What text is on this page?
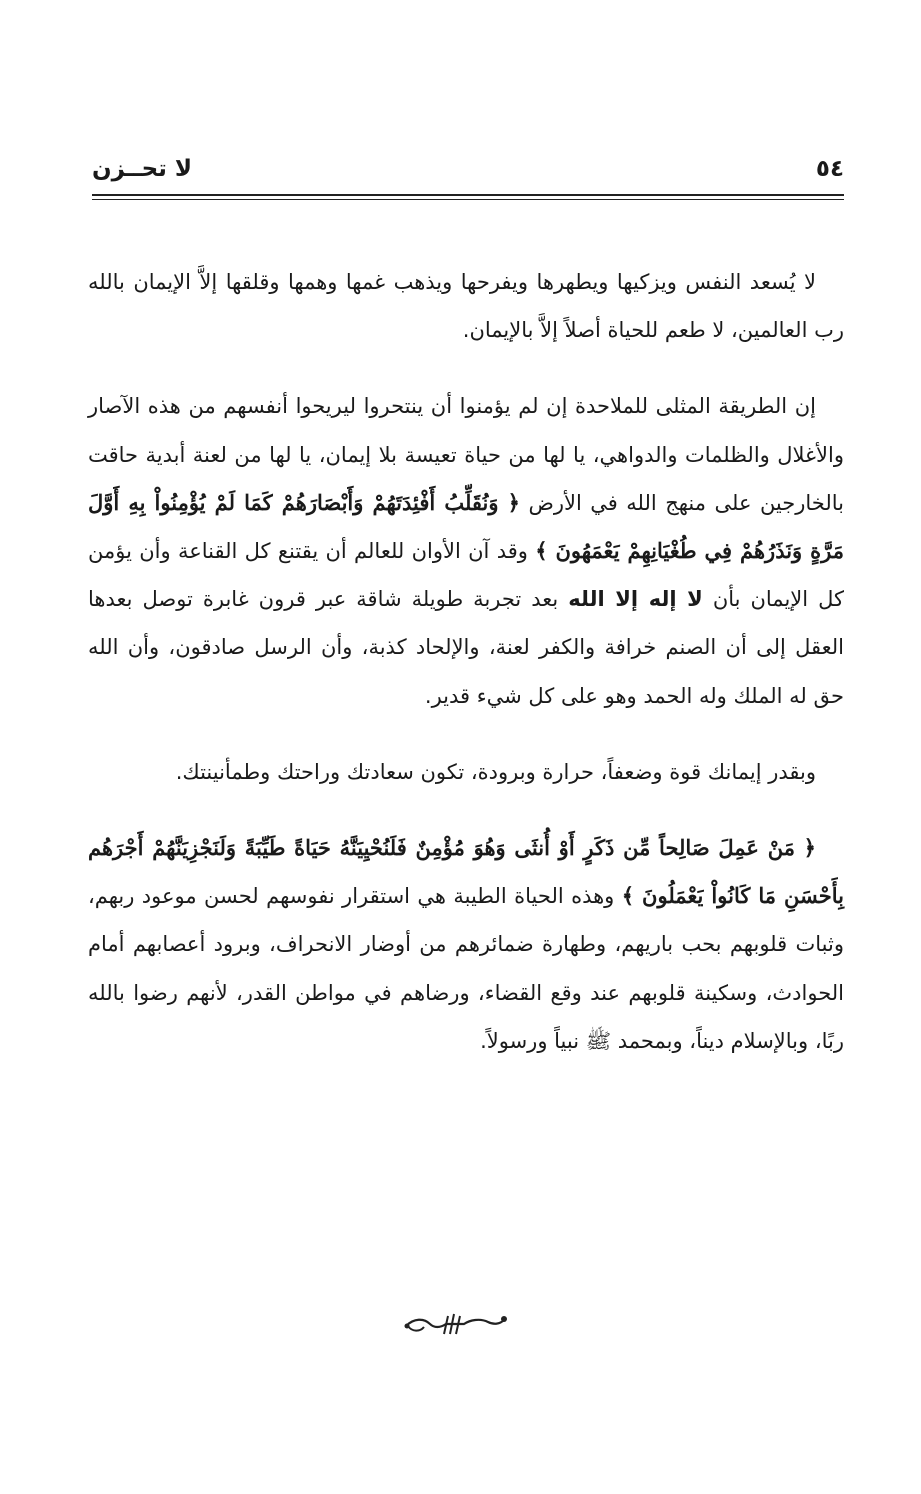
٥٤
لا تحــزن

لا يُسعد النفس ويزكيها ويطهرها ويفرحها ويذهب غمها وهمها وقلقها إلاَّ الإيمان بالله رب العالمين، لا طعم للحياة أصلاً إلاَّ بالإيمان.

إن الطريقة المثلى للملاحدة إن لم يؤمنوا أن ينتحروا ليريحوا أنفسهم من هذه الآصار والأغلال والظلمات والدواهي، يا لها من حياة تعيسة بلا إيمان، يا لها من لعنة أبدية حاقت بالخارجين على منهج الله في الأرض ﴿ وَنُقَلِّبُ أَفْئِدَتَهُمْ وَأَبْصَارَهُمْ كَمَا لَمْ يُؤْمِنُواْ بِهِ أَوَّلَ مَرَّةٍ وَنَذَرُهُمْ فِي طُغْيَانِهِمْ يَعْمَهُونَ ﴾ وقد آن الأوان للعالم أن يقتنع كل القناعة وأن يؤمن كل الإيمان بأن لا إله إلا الله بعد تجربة طويلة شاقة عبر قرون غابرة توصل بعدها العقل إلى أن الصنم خرافة والكفر لعنة، والإلحاد كذبة، وأن الرسل صادقون، وأن الله حق له الملك وله الحمد وهو على كل شيء قدير.

وبقدر إيمانك قوة وضعفاً، حرارة وبرودة، تكون سعادتك وراحتك وطمأنينتك.

﴿ مَنْ عَمِلَ صَالِحاً مِّن ذَكَرٍ أَوْ أُنثَى وَهُوَ مُؤْمِنٌ فَلَنُحْيِيَنَّهُ حَيَاةً طَيِّبَةً وَلَنَجْزِيَنَّهُمْ أَجْرَهُم بِأَحْسَنِ مَا كَانُواْ يَعْمَلُونَ ﴾ وهذه الحياة الطيبة هي استقرار نفوسهم لحسن موعود ربهم، وثبات قلوبهم بحب باريهم، وطهارة ضمائرهم من أوضار الانحراف، وبرود أعصابهم أمام الحوادث، وسكينة قلوبهم عند وقع القضاء، ورضاهم في مواطن القدر، لأنهم رضوا بالله ربًا، وبالإسلام ديناً، وبمحمد ﷺ نبياً ورسولاً.
